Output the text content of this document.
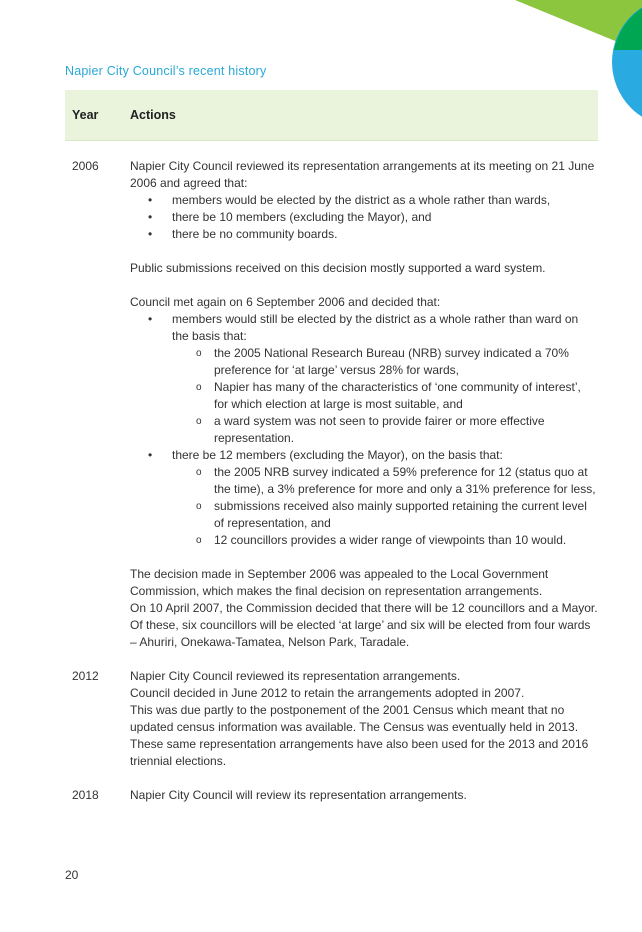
Napier City Council’s recent history
Year	Actions
2006	Napier City Council reviewed its representation arrangements at its meeting on 21 June 2006 and agreed that:

• members would be elected by the district as a whole rather than wards,
• there be 10 members (excluding the Mayor), and
• there be no community boards.

Public submissions received on this decision mostly supported a ward system.

Council met again on 6 September 2006 and decided that:

• members would still be elected by the district as a whole rather than ward on the basis that:
o the 2005 National Research Bureau (NRB) survey indicated a 70% preference for ‘at large’ versus 28% for wards,
o Napier has many of the characteristics of ‘one community of interest’, for which election at large is most suitable, and
o a ward system was not seen to provide fairer or more effective representation.
• there be 12 members (excluding the Mayor), on the basis that:
o the 2005 NRB survey indicated a 59% preference for 12 (status quo at the time), a 3% preference for more and only a 31% preference for less,
o submissions received also mainly supported retaining the current level of representation, and
o 12 councillors provides a wider range of viewpoints than 10 would.

The decision made in September 2006 was appealed to the Local Government Commission, which makes the final decision on representation arrangements.

On 10 April 2007, the Commission decided that there will be 12 councillors and a Mayor. Of these, six councillors will be elected ‘at large’ and six will be elected from four wards – Ahuriri, Onekawa-Tamatea, Nelson Park, Taradale.

2012	Napier City Council reviewed its representation arrangements.

Council decided in June 2012 to retain the arrangements adopted in 2007.

This was due partly to the postponement of the 2001 Census which meant that no updated census information was available. The Census was eventually held in 2013.

These same representation arrangements have also been used for the 2013 and 2016 triennial elections.

2018	Napier City Council will review its representation arrangements.

20
